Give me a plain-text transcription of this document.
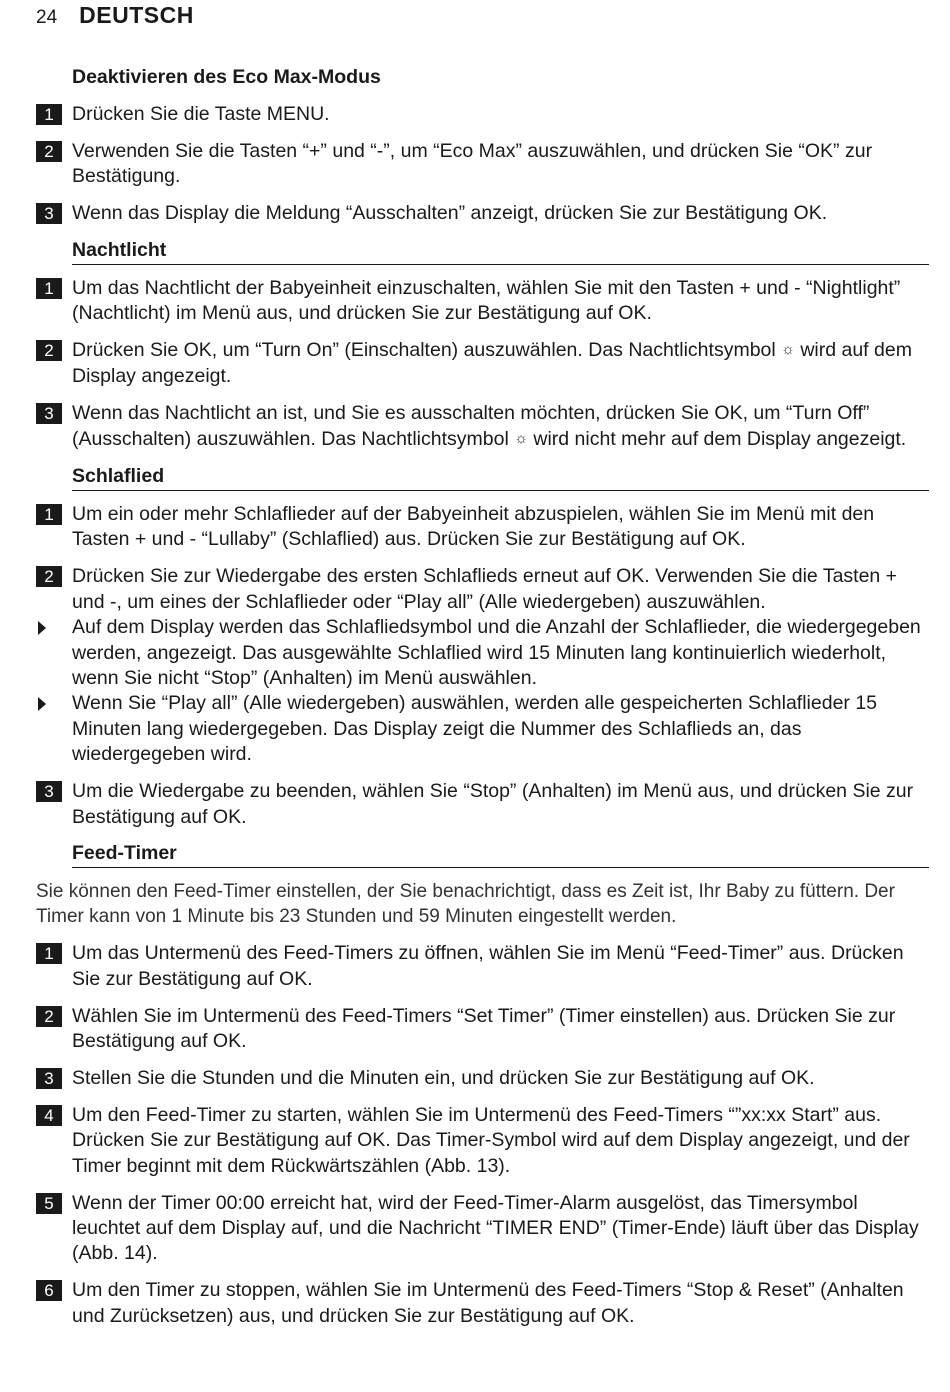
24 DEUTSCH
Deaktivieren des Eco Max-Modus
1 Drücken Sie die Taste MENU.
2 Verwenden Sie die Tasten “+” und “-”, um “Eco Max” auszuwählen, und drücken Sie “OK” zur Bestätigung.
3 Wenn das Display die Meldung “Ausschalten” anzeigt, drücken Sie zur Bestätigung OK.
Nachtlicht
1 Um das Nachtlicht der Babyeinheit einzuschalten, wählen Sie mit den Tasten + und - “Nightlight” (Nachtlicht) im Menü aus, und drücken Sie zur Bestätigung auf OK.
2 Drücken Sie OK, um “Turn On” (Einschalten) auszuwählen. Das Nachtlichtsymbol ☼ wird auf dem Display angezeigt.
3 Wenn das Nachtlicht an ist, und Sie es ausschalten möchten, drücken Sie OK, um “Turn Off” (Ausschalten) auszuwählen. Das Nachtlichtsymbol ☼ wird nicht mehr auf dem Display angezeigt.
Schlaflied
1 Um ein oder mehr Schlaflieder auf der Babyeinheit abzuspielen, wählen Sie im Menü mit den Tasten + und - “Lullaby” (Schlaflied) aus. Drücken Sie zur Bestätigung auf OK.
2 Drücken Sie zur Wiedergabe des ersten Schlaflieds erneut auf OK. Verwenden Sie die Tasten + und -, um eines der Schlaflieder oder “Play all” (Alle wiedergeben) auszuwählen.
Auf dem Display werden das Schlafliedsymbol und die Anzahl der Schlaflieder, die wiedergegeben werden, angezeigt. Das ausgewählte Schlaflied wird 15 Minuten lang kontinuierlich wiederholt, wenn Sie nicht “Stop” (Anhalten) im Menü auswählen.
Wenn Sie “Play all” (Alle wiedergeben) auswählen, werden alle gespeicherten Schlaflieder 15 Minuten lang wiedergegeben. Das Display zeigt die Nummer des Schlaflieds an, das wiedergegeben wird.
3 Um die Wiedergabe zu beenden, wählen Sie “Stop” (Anhalten) im Menü aus, und drücken Sie zur Bestätigung auf OK.
Feed-Timer
Sie können den Feed-Timer einstellen, der Sie benachrichtigt, dass es Zeit ist, Ihr Baby zu füttern. Der Timer kann von 1 Minute bis 23 Stunden und 59 Minuten eingestellt werden.
1 Um das Untermenü des Feed-Timers zu öffnen, wählen Sie im Menü “Feed-Timer” aus. Drücken Sie zur Bestätigung auf OK.
2 Wählen Sie im Untermenü des Feed-Timers “Set Timer” (Timer einstellen) aus. Drücken Sie zur Bestätigung auf OK.
3 Stellen Sie die Stunden und die Minuten ein, und drücken Sie zur Bestätigung auf OK.
4 Um den Feed-Timer zu starten, wählen Sie im Untermenü des Feed-Timers “”xx:xx Start” aus. Drücken Sie zur Bestätigung auf OK. Das Timer-Symbol wird auf dem Display angezeigt, und der Timer beginnt mit dem Rückwärtszählen (Abb. 13).
5 Wenn der Timer 00:00 erreicht hat, wird der Feed-Timer-Alarm ausgelöst, das Timersymbol leuchtet auf dem Display auf, und die Nachricht “TIMER END” (Timer-Ende) läuft über das Display (Abb. 14).
6 Um den Timer zu stoppen, wählen Sie im Untermenü des Feed-Timers “Stop & Reset” (Anhalten und Zurücksetzen) aus, und drücken Sie zur Bestätigung auf OK.
